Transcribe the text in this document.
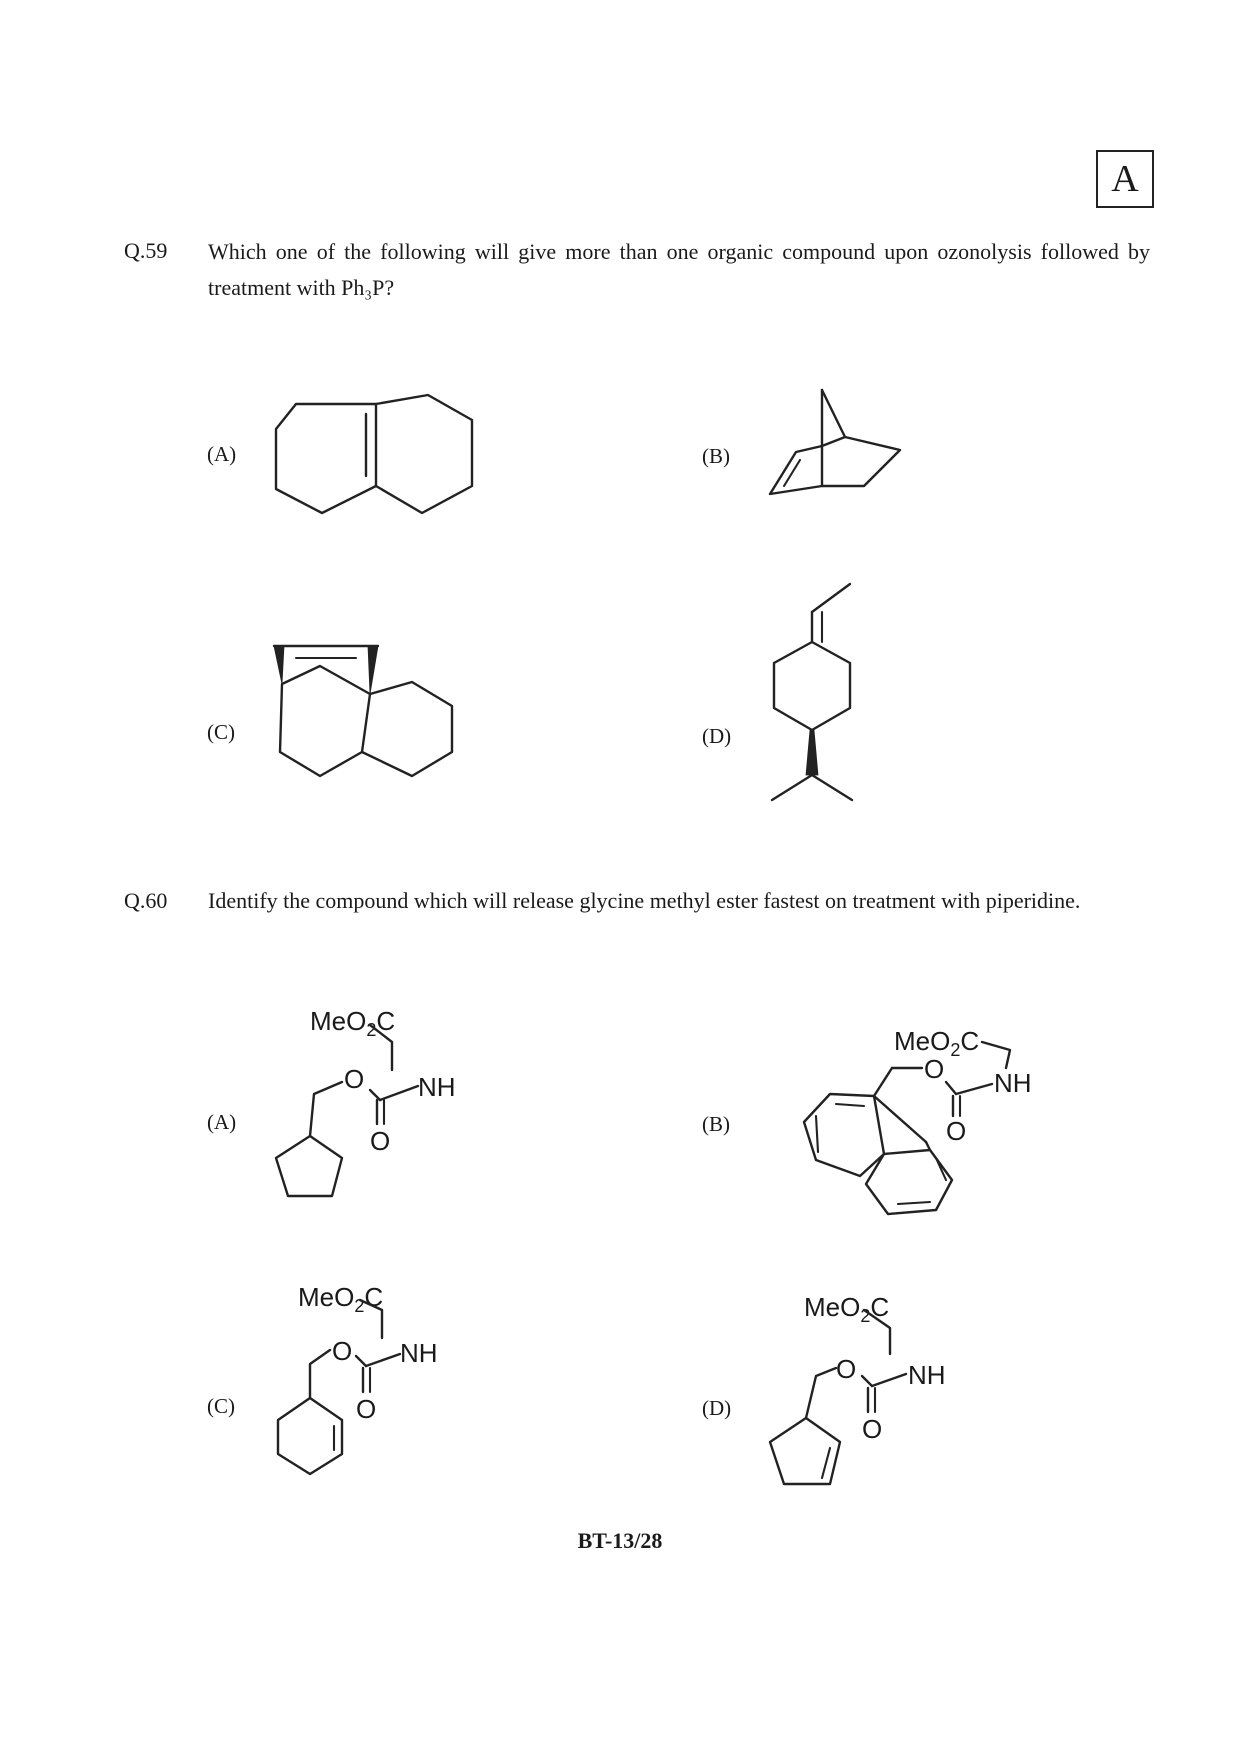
A
Q.59 Which one of the following will give more than one organic compound upon ozonolysis followed by treatment with Ph₃P?
(A)	(B)
(C)	(D)
Q.60 Identify the compound which will release glycine methyl ester fastest on treatment with piperidine.
(A)	(B)
(C)	(D)
MeO$_2$C
NH
O
O
MeO$_2$C
NH
O
O
MeO$_2$C
NH
O
O
MeO$_2$C
NH
O
O
BT-13/28
